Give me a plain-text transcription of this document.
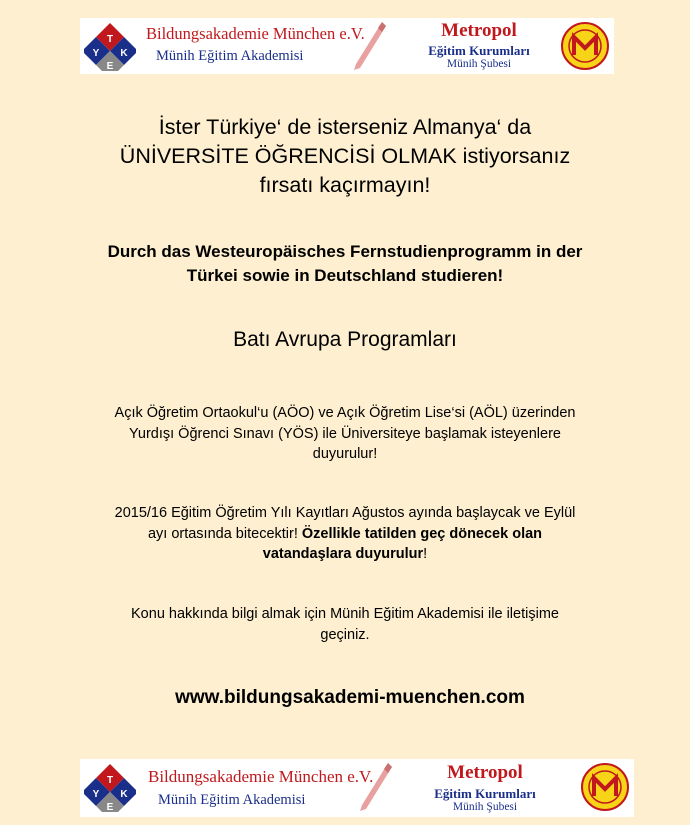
T
Y K
E
Bildungsakademie München e.V.
Münih Eğitim Akademisi
Metropol
Eğitim Kurumları
Münih Şubesi
İster Türkiye‘ de isterseniz Almanya‘ da
ÜNİVERSİTE ÖĞRENCİSİ OLMAK istiyorsanız
fırsatı kaçırmayın!
Durch das Westeuropäisches Fernstudienprogramm in der
Türkei sowie in Deutschland studieren!
Batı Avrupa Programları
Açık Öğretim Ortaokul‘u (AÖO) ve Açık Öğretim Lise‘si (AÖL) üzerinden
Yurdışı Öğrenci Sınavı (YÖS) ile Üniversiteye başlamak isteyenlere
duyurulur!
2015/16 Eğitim Öğretim Yılı Kayıtları Ağustos ayında başlaycak ve Eylül
ayı ortasında bitecektir! Özellikle tatilden geç dönecek olan
vatandaşlara duyurulur!
Konu hakkında bilgi almak için Münih Eğitim Akademisi ile iletişime
geçiniz.
www.bildungsakademi-muenchen.com
T
Y K
E
Bildungsakademie München e.V.
Münih Eğitim Akademisi
Metropol
Eğitim Kurumları
Münih Şubesi
